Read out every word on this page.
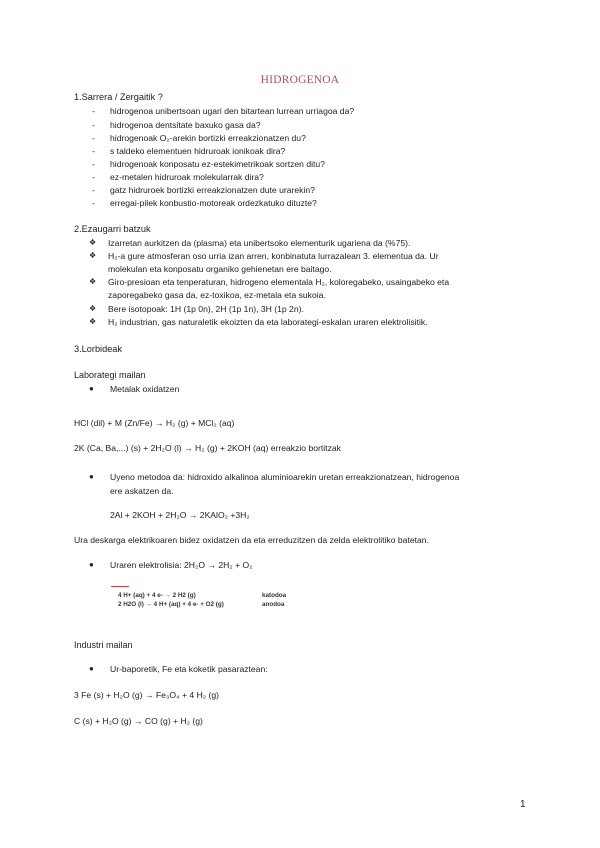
HIDROGENOA
1.Sarrera / Zergaitik ?
- hidrogenoa unibertsoan ugari den bitartean lurrean urriagoa da?
- hidrogenoa dentsitate baxuko gasa da?
- hidrogenoak O₂-arekin bortizki erreakzionatzen du?
- s taldeko elementuen hidruroak ionikoak dira?
- hidrogenoak konposatu ez-estekimetrikoak sortzen ditu?
- ez-metalen hidruroak molekularrak dira?
- gatz hidruroek bortizki erreakzionatzen dute urarekin?
- erregai-pilek konbustio-motoreak ordezkatuko dituzte?
2.Ezaugarri batzuk
❖ Izarretan aurkitzen da (plasma) eta unibertsoko elementurik ugariena da (%75).
❖ H₂-a gure atmosferan oso urria izan arren, konbinatuta lurrazalean 3. elementua da. Ur
molekulan eta konposatu organiko gehienetan ere baitago.
❖ Giro-presioan eta tenperaturan, hidrogeno elementala H₂, koloregabeko, usaingabeko eta
zaporegabeko gasa da, ez-toxikoa, ez-metala eta sukoia.
❖ Bere isotopoak: 1H (1p 0n), 2H (1p 1n), 3H (1p 2n).
❖ H₂ industrian, gas naturaletik ekoizten da eta laborategi-eskalan uraren elektrolisitik.
3.Lorbideak
Laborategi mailan
● Metalak oxidatzen
HCl (dil) + M (Zn/Fe) → H₂ (g) + MCl₂ (aq)
2K (Ca, Ba,...) (s) + 2H₂O (l) → H₂ (g) + 2KOH (aq) erreakzio bortitzak
● Uyeno metodoa da: hidroxido alkalinoa aluminioarekin uretan erreakzionatzean, hidrogenoa
ere askatzen da.
2Al + 2KOH + 2H₂O → 2KAlO₂ +3H₂
Ura deskarga elektrikoaren bidez oxidatzen da eta erreduzitzen da zelda elektrolitiko batetan.
● Uraren elektrolisia: 2H₂O → 2H₂ + O₂
4 H+ (aq) + 4 e- → 2 H2 (g)	katodoa
2 H2O (l) → 4 H+ (aq) + 4 e- + O2 (g)	anodoa
Industri mailan
● Ur-baporetik, Fe eta koketik pasaraztean:
3 Fe (s) + H₂O (g) → Fe₃O₄ + 4 H₂ (g)
C (s) + H₂O (g) → CO (g) + H₂ (g)
1
